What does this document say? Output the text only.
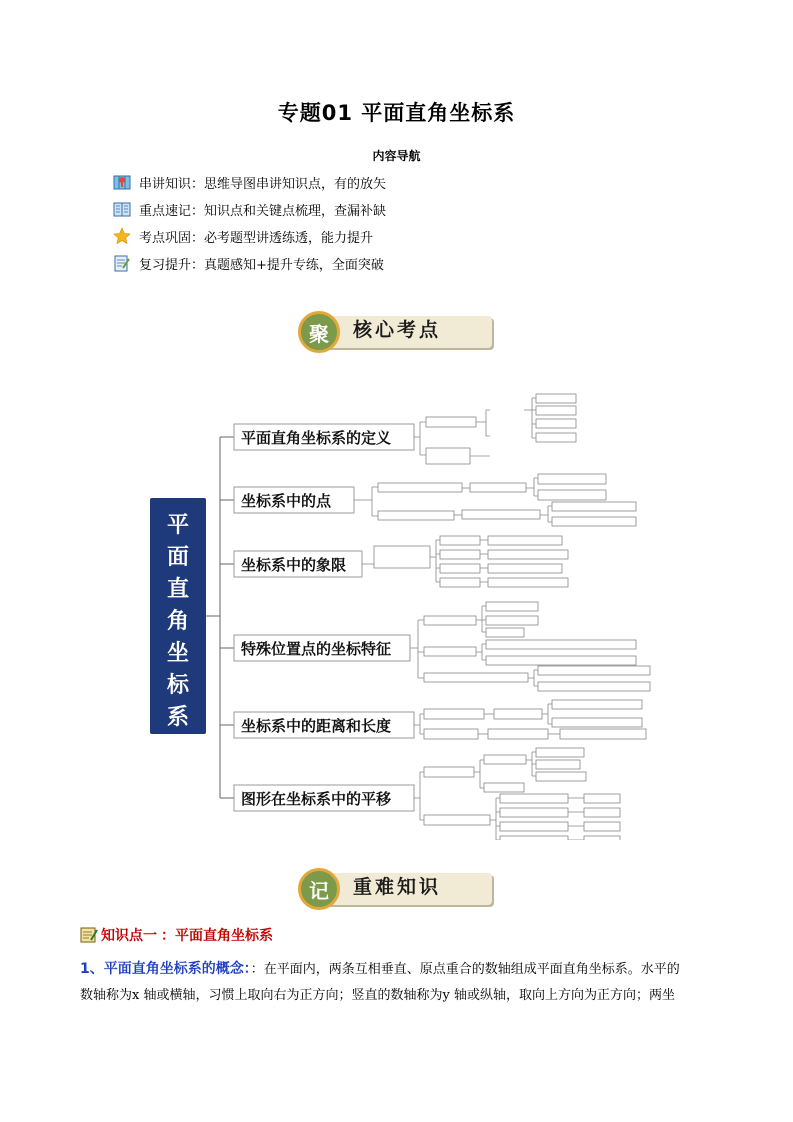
专题01 平面直角坐标系
内容导航
串讲知识： 思维导图串讲知识点，有的放矢
重点速记： 知识点和关键点梳理，查漏补缺
考点巩固： 必考题型讲透练透，能力提升
复习提升： 真题感知+提升专练，全面突破
核心考点
聚
平
面
直
角
坐
标
系
平面直角坐标系的定义
坐标系中的点
坐标系中的象限
特殊位置点的坐标特征
坐标系中的距离和长度
图形在坐标系中的平移
重难知识
记
知识点一 ：平面直角坐标系
1、平面直角坐标系的概念：：在平面内，两条互相垂直、原点重合的数轴组成平面直角坐标系。水平的
数轴称为x 轴或横轴，习惯上取向右为正方向；竖直的数轴称为y 轴或纵轴，取向上方向为正方向；两坐
